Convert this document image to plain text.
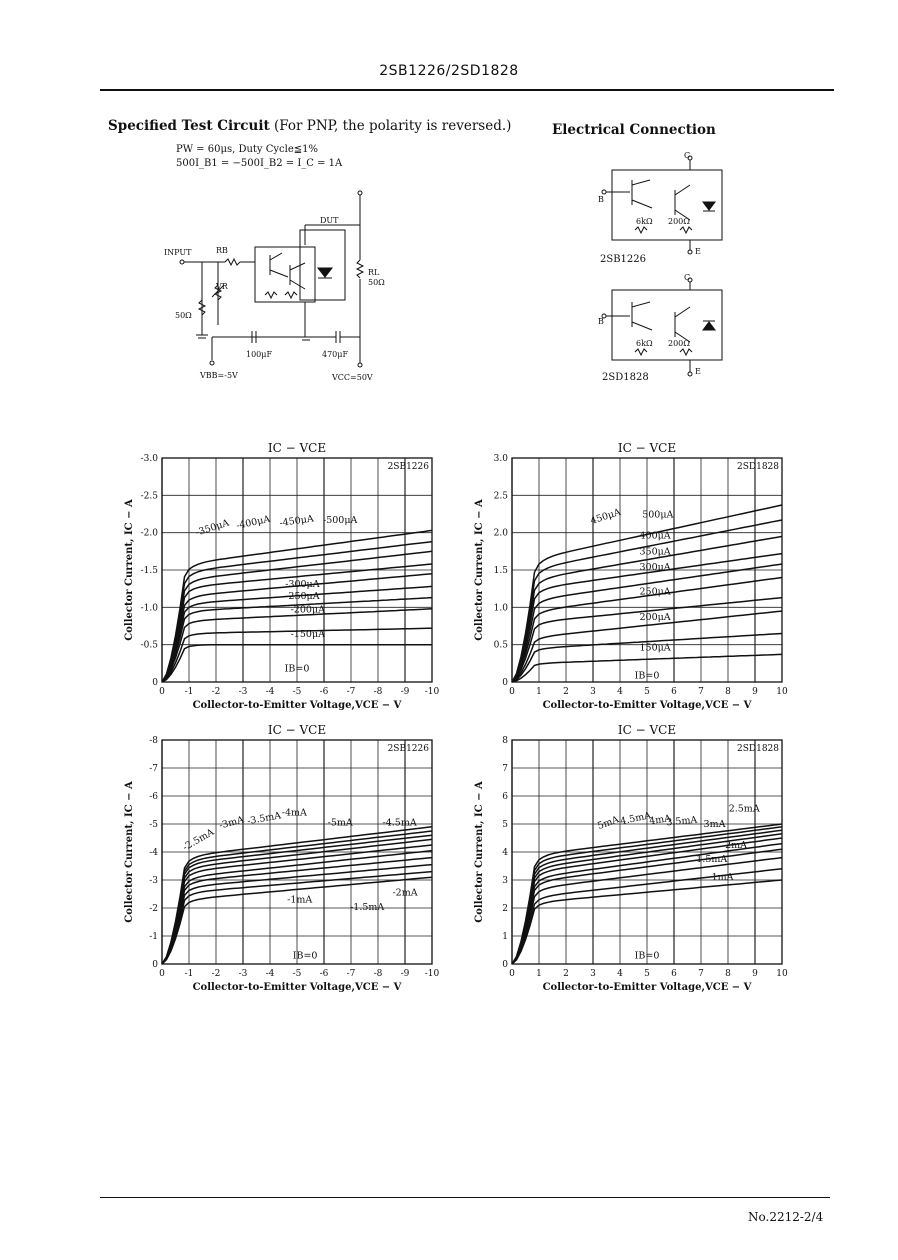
2SB1226/2SD1828
Specified Test Circuit (For PNP, the polarity is reversed.)
PW = 60μs, Duty Cycle≦1%
500I_B1 = −500I_B2 = I_C = 1A
INPUT	RB
VR
50Ω
100μF
VBB=-5V
DUT
RL
50Ω
470μF
VCC=50V
Electrical Connection
C
B
E
6kΩ 200Ω
2SB1226
C
B
E
6kΩ 200Ω
2SD1828
0 -1 -2 -3 -4 -5 -6 -7 -8 -9 -10
0
-0.5
-1.0
-1.5
-2.0
-2.5
-3.0
IC − VCE
2SB1226
Collector-to-Emitter Voltage,VCE − V
Collector Current, IC − A	-350μA -400μA -450μA -500μA
-300μA
-250μA
-200μA
-150μA
IB=0
0 1 2 3 4 5 6 7 8 9 10
0
0.5
1.0
1.5
2.0
2.5
3.0
IC − VCE
2SD1828
Collector-to-Emitter Voltage,VCE − V
Collector Current, IC − A	450μA 500μA
400μA
350μA
300μA
250μA
200μA
150μA
IB=0
0 -1 -2 -3 -4 -5 -6 -7 -8 -9 -10
0
-1
-2
-3
-4
-5
-6
-7
-8
IC − VCE
2SB1226
Collector-to-Emitter Voltage,VCE − V
Collector Current, IC − A	-2.5mA
-3mA -3.5mA -4mA
-5mA	-4.5mA
-2mA
-1.5mA
-1mA
IB=0
0 1 2 3 4 5 6 7 8 9 10
0
1
2
3
4
5
6
7
8
IC − VCE
2SD1828
Collector-to-Emitter Voltage,VCE − V
Collector Current, IC − A	5mA
4.5mA
4mA
3.5mA 3mA
2.5mA
2mA
1.5mA
1mA
IB=0
No.2212-2/4
